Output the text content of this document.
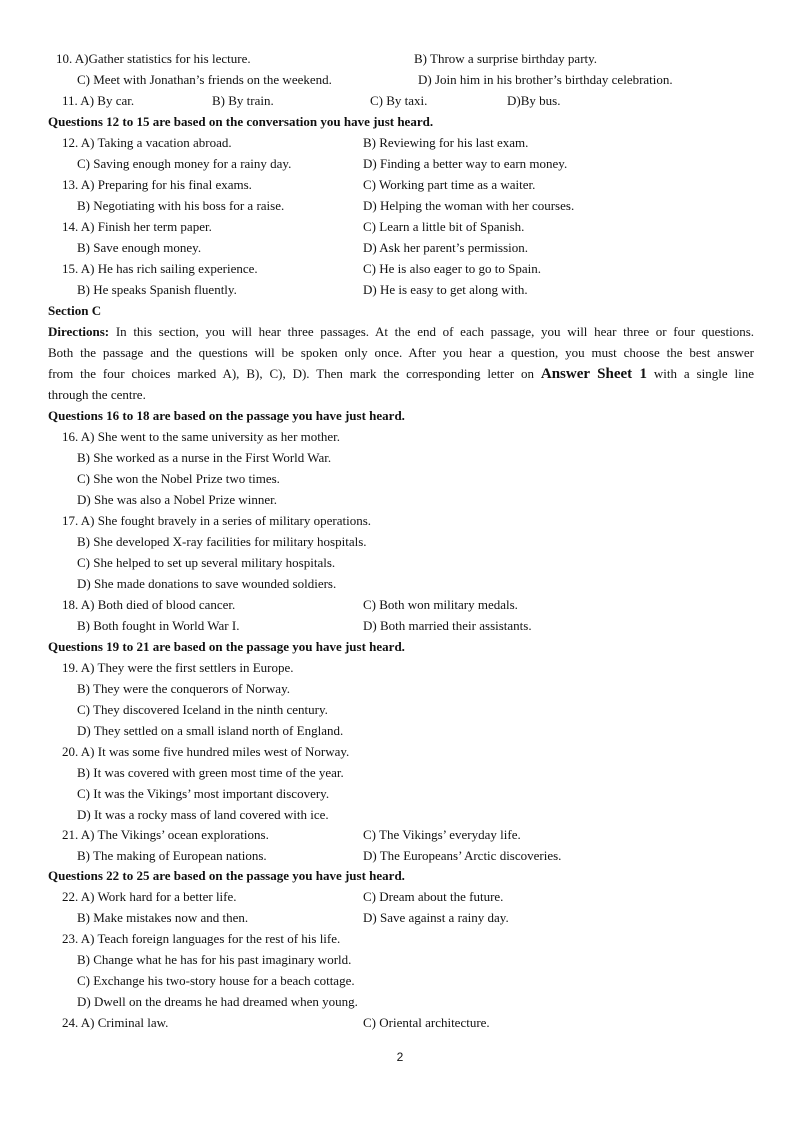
10. A)Gather statistics for his lecture.	B) Throw a surprise birthday party.
C) Meet with Jonathan’s friends on the weekend.	D) Join him in his brother’s birthday celebration.
11. A) By car.	B) By train.	C) By taxi.	D)By bus.
Questions 12 to 15 are based on the conversation you have just heard.
12. A) Taking a vacation abroad.	B) Reviewing for his last exam.
C) Saving enough money for a rainy day.	D) Finding a better way to earn money.
13. A) Preparing for his final exams.	C) Working part time as a waiter.
B) Negotiating with his boss for a raise.	D) Helping the woman with her courses.
14. A) Finish her term paper.	C) Learn a little bit of Spanish.
B) Save enough money.	D) Ask her parent’s permission.
15. A) He has rich sailing experience.	C) He is also eager to go to Spain.
B) He speaks Spanish fluently.	D) He is easy to get along with.
Section C
Directions: In this section, you will hear three passages. At the end of each passage, you will hear three or four questions.
Both the passage and the questions will be spoken only once. After you hear a question, you must choose the best answer
from the four choices marked A), B), C), D). Then mark the corresponding letter on Answer Sheet 1 with a single line
through the centre.
Questions 16 to 18 are based on the passage you have just heard.
16. A) She went to the same university as her mother.
B) She worked as a nurse in the First World War.
C) She won the Nobel Prize two times.
D) She was also a Nobel Prize winner.
17. A) She fought bravely in a series of military operations.
B) She developed X-ray facilities for military hospitals.
C) She helped to set up several military hospitals.
D) She made donations to save wounded soldiers.
18. A) Both died of blood cancer.	C) Both won military medals.
B) Both fought in World War I.	D) Both married their assistants.
Questions 19 to 21 are based on the passage you have just heard.
19. A) They were the first settlers in Europe.
B) They were the conquerors of Norway.
C) They discovered Iceland in the ninth century.
D) They settled on a small island north of England.
20. A) It was some five hundred miles west of Norway.
B) It was covered with green most time of the year.
C) It was the Vikings’ most important discovery.
D) It was a rocky mass of land covered with ice.
21. A) The Vikings’ ocean explorations.	C) The Vikings’ everyday life.
B) The making of European nations.	D) The Europeans’ Arctic discoveries.
Questions 22 to 25 are based on the passage you have just heard.
22. A) Work hard for a better life.	C) Dream about the future.
B) Make mistakes now and then.	D) Save against a rainy day.
23. A) Teach foreign languages for the rest of his life.
B) Change what he has for his past imaginary world.
C) Exchange his two-story house for a beach cottage.
D) Dwell on the dreams he had dreamed when young.
24. A) Criminal law.	C) Oriental architecture.
2
